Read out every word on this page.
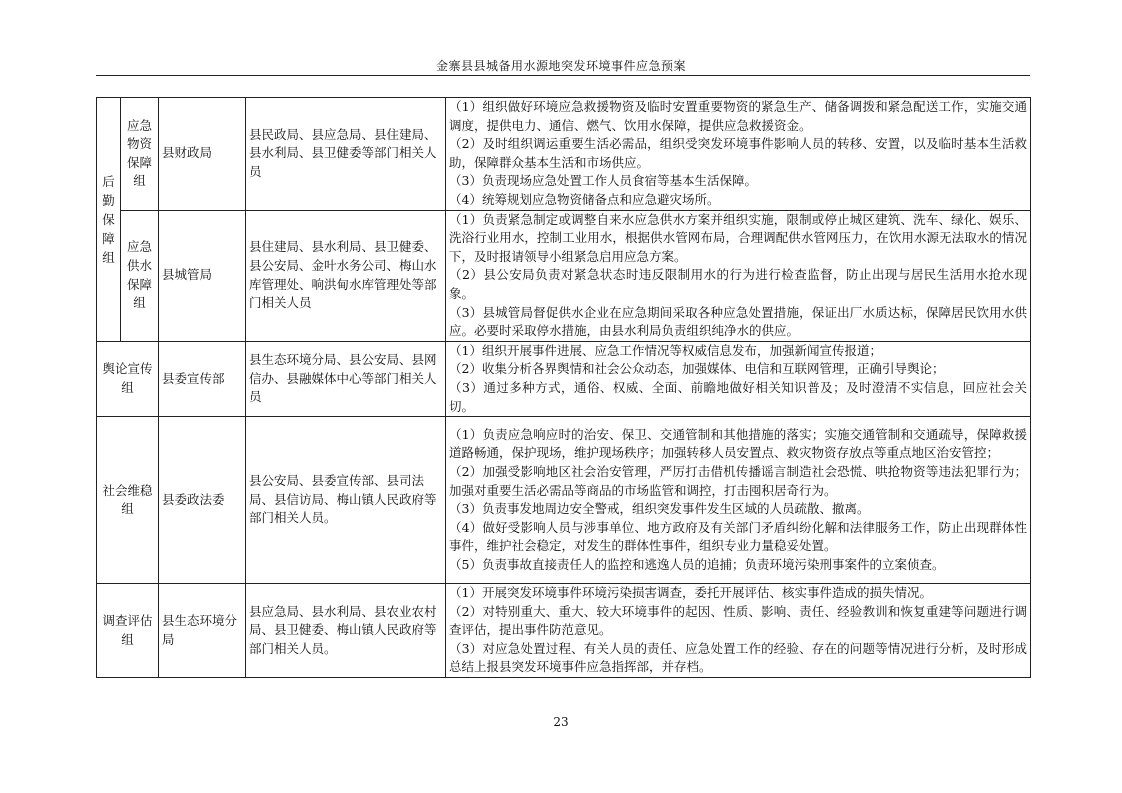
金寨县县城备用水源地突发环境事件应急预案
后勤保障组	应急物资保障组	县财政局	县民政局、县应急局、县住建局、县水利局、县卫健委等部门相关人员	（1）组织做好环境应急救援物资及临时安置重要物资的紧急生产、储备调拨和紧急配送工作，实施交通调度，提供电力、通信、燃气、饮用水保障，提供应急救援资金。
（2）及时组织调运重要生活必需品，组织受突发环境事件影响人员的转移、安置，以及临时基本生活救助，保障群众基本生活和市场供应。
（3）负责现场应急处置工作人员食宿等基本生活保障。
（4）统筹规划应急物资储备点和应急避灾场所。

	应急供水保障组	县城管局	县住建局、县水利局、县卫健委、县公安局、金叶水务公司、梅山水库管理处、响洪甸水库管理处等部门相关人员	（1）负责紧急制定或调整自来水应急供水方案并组织实施，限制或停止城区建筑、洗车、绿化、娱乐、洗浴行业用水，控制工业用水，根据供水管网布局，合理调配供水管网压力，在饮用水源无法取水的情况下，及时报请领导小组紧急启用应急方案。
（2）县公安局负责对紧急状态时违反限制用水的行为进行检查监督，防止出现与居民生活用水抢水现象。
（3）县城管局督促供水企业在应急期间采取各种应急处置措施，保证出厂水质达标，保障居民饮用水供应。必要时采取停水措施，由县水利局负责组织纯净水的供应。

舆论宣传组		县委宣传部	县生态环境分局、县公安局、县网信办、县融媒体中心等部门相关人员	（1）组织开展事件进展、应急工作情况等权威信息发布，加强新闻宣传报道；
（2）收集分析各界舆情和社会公众动态，加强媒体、电信和互联网管理，正确引导舆论；
（3）通过多种方式，通俗、权威、全面、前瞻地做好相关知识普及；及时澄清不实信息，回应社会关切。

社会维稳组		县委政法委	县公安局、县委宣传部、县司法局、县信访局、梅山镇人民政府等部门相关人员。	（1）负责应急响应时的治安、保卫、交通管制和其他措施的落实；实施交通管制和交通疏导，保障救援道路畅通，保护现场，维护现场秩序；加强转移人员安置点、救灾物资存放点等重点地区治安管控；
（2）加强受影响地区社会治安管理，严厉打击借机传播谣言制造社会恐慌、哄抢物资等违法犯罪行为；加强对重要生活必需品等商品的市场监管和调控，打击囤积居奇行为。
（3）负责事发地周边安全警戒，组织突发事件发生区域的人员疏散、撤离。
（4）做好受影响人员与涉事单位、地方政府及有关部门矛盾纠纷化解和法律服务工作，防止出现群体性事件，维护社会稳定，对发生的群体性事件，组织专业力量稳妥处置。
（5）负责事故直接责任人的监控和逃逸人员的追捕；负责环境污染刑事案件的立案侦查。

调查评估组		县生态环境分局	县应急局、县水利局、县农业农村局、县卫健委、梅山镇人民政府等部门相关人员。	（1）开展突发环境事件环境污染损害调查，委托开展评估、核实事件造成的损失情况。
（2）对特别重大、重大、较大环境事件的起因、性质、影响、责任、经验教训和恢复重建等问题进行调查评估，提出事件防范意见。
（3）对应急处置过程、有关人员的责任、应急处置工作的经验、存在的问题等情况进行分析，及时形成总结上报县突发环境事件应急指挥部，并存档。
23
